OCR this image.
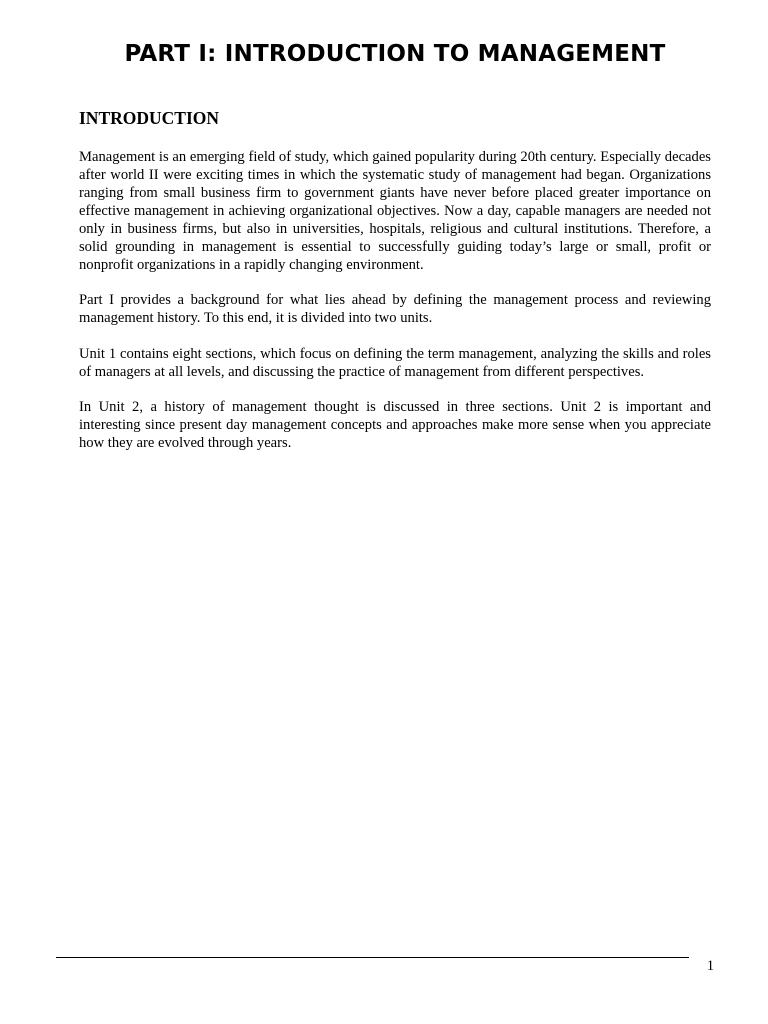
PART I: INTRODUCTION TO MANAGEMENT
INTRODUCTION

Management is an emerging field of study, which gained popularity during 20th century. Especially decades after world II were exciting times in which the systematic study of management had began. Organizations ranging from small business firm to government giants have never before placed greater importance on effective management in achieving organizational objectives. Now a day, capable managers are needed not only in business firms, but also in universities, hospitals, religious and cultural institutions. Therefore, a solid grounding in management is essential to successfully guiding today’s large or small, profit or nonprofit organizations in a rapidly changing environment.

Part I provides a background for what lies ahead by defining the management process and reviewing management history. To this end, it is divided into two units.

Unit 1 contains eight sections, which focus on defining the term management, analyzing the skills and roles of managers at all levels, and discussing the practice of management from different perspectives.

In Unit 2, a history of management thought is discussed in three sections. Unit 2 is important and interesting since present day management concepts and approaches make more sense when you appreciate how they are evolved through years.

1
